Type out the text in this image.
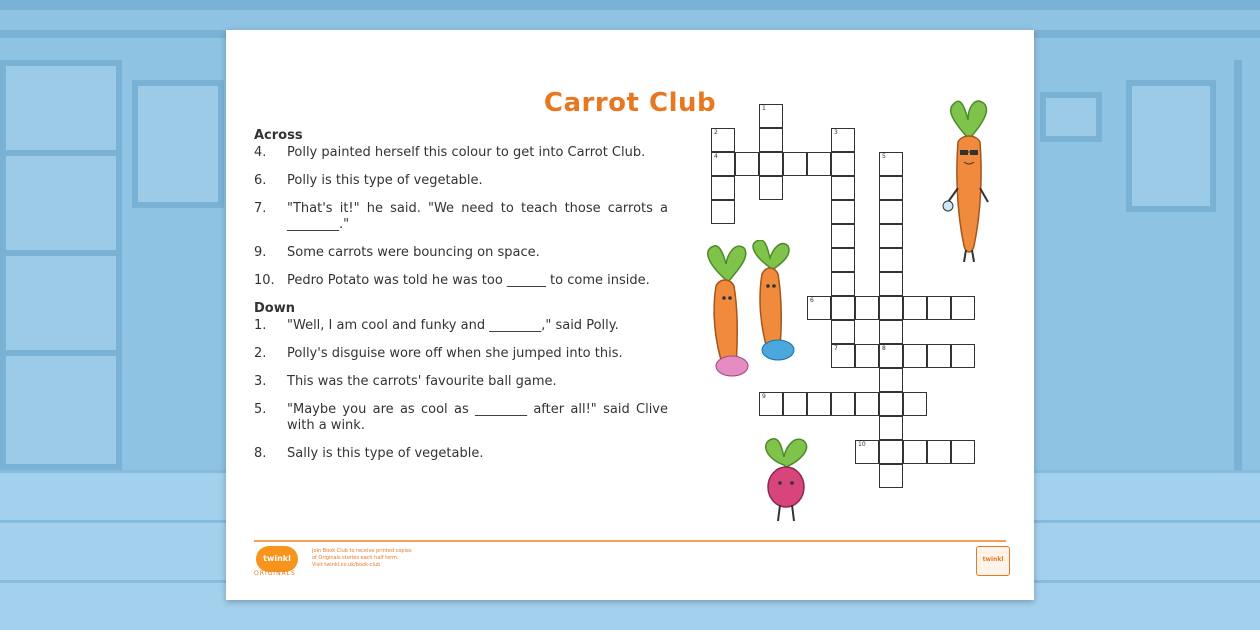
Carrot Club
Across
4.	Polly painted herself this colour to get into Carrot Club.
6.	Polly is this type of vegetable.
7.	"That's it!" he said. "We need to teach those carrots a ________."
9.	Some carrots were bouncing on space.
10. Pedro Potato was told he was too ______ to come inside.
Down
1.	"Well, I am cool and funky and ________," said Polly.
2.	Polly's disguise wore off when she jumped into this.
3.	This was the carrots' favourite ball game.
5.	"Maybe you are as cool as ________ after all!" said Clive with a wink.
8.	Sally is this type of vegetable.
1
2
4
3
7
5
8
6
9
10
twinkl
ORIGINALS
Join Book Club to receive printed copies
of Originals stories each half term.
Visit twinkl.co.uk/book-club
twinkl
